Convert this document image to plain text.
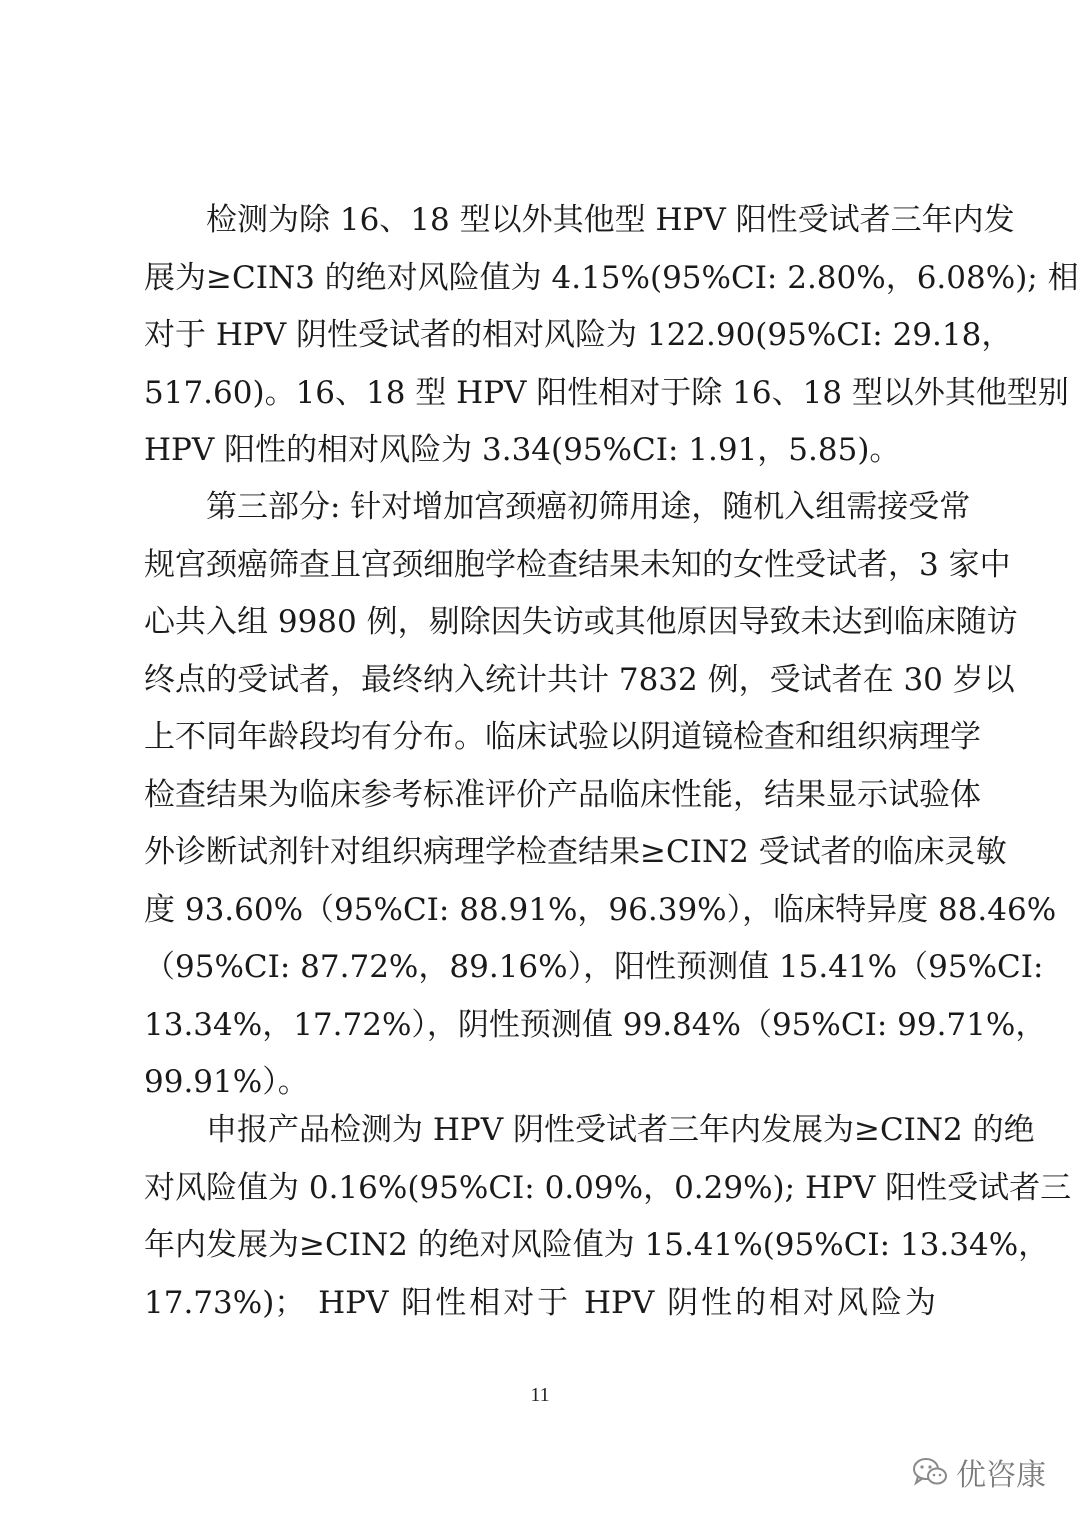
检测为除 16、18 型以外其他型 HPV 阳性受试者三年内发
展为≥CIN3 的绝对风险值为 4.15%(95%CI: 2.80%，6.08%); 相
对于 HPV 阴性受试者的相对风险为 122.90(95%CI: 29.18，
517.60)。16、18 型 HPV 阳性相对于除 16、18 型以外其他型别
HPV 阳性的相对风险为 3.34(95%CI: 1.91，5.85)。
第三部分: 针对增加宫颈癌初筛用途，随机入组需接受常
规宫颈癌筛查且宫颈细胞学检查结果未知的女性受试者，3 家中
心共入组 9980 例，剔除因失访或其他原因导致未达到临床随访
终点的受试者，最终纳入统计共计 7832 例，受试者在 30 岁以
上不同年龄段均有分布。临床试验以阴道镜检查和组织病理学
检查结果为临床参考标准评价产品临床性能，结果显示试验体
外诊断试剂针对组织病理学检查结果≥CIN2 受试者的临床灵敏
度 93.60%（95%CI: 88.91%，96.39%），临床特异度 88.46%
（95%CI: 87.72%，89.16%），阳性预测值 15.41%（95%CI:
13.34%，17.72%），阴性预测值 99.84%（95%CI: 99.71%，
99.91%）。
申报产品检测为 HPV 阴性受试者三年内发展为≥CIN2 的绝
对风险值为 0.16%(95%CI: 0.09%，0.29%); HPV 阳性受试者三
年内发展为≥CIN2 的绝对风险值为 15.41%(95%CI: 13.34%，
17.73%)； HPV 阳性相对于 HPV 阴性的相对风险为
11
优咨康
